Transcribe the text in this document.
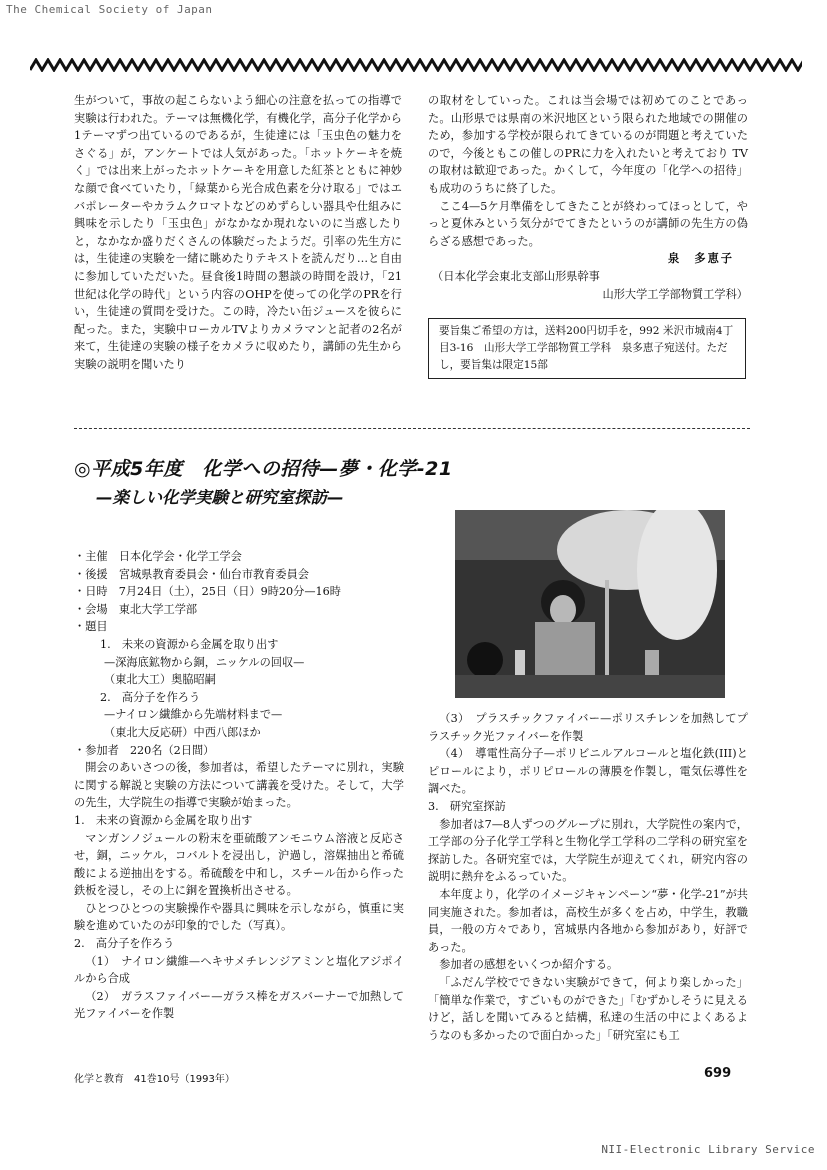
The Chemical Society of Japan

生がついて，事故の起こらないよう細心の注意を払っての指導で実験は行われた。テーマは無機化学，有機化学，高分子化学から1テーマずつ出ているのであるが，生徒達には「玉虫色の魅力をさぐる」が，アンケートでは人気があった。「ホットケーキを焼く」では出来上がったホットケーキを用意した紅茶とともに神妙な顔で食べていたり，「緑葉から光合成色素を分け取る」ではエバポレーターやカラムクロマトなどのめずらしい器具や仕組みに興味を示したり「玉虫色」がなかなか現れないのに当惑したりと，なかなか盛りだくさんの体験だったようだ。引率の先生方には，生徒達の実験を一緒に眺めたりテキストを読んだり…と自由に参加していただいた。昼食後1時間の懇談の時間を設け，「21世紀は化学の時代」という内容のOHPを使っての化学のPRを行い，生徒達の質問を受けた。この時，冷たい缶ジュースを彼らに配った。また，実験中ローカルTVよりカメラマンと記者の2名が来て，生徒達の実験の様子をカメラに収めたり，講師の先生から実験の説明を聞いたり

の取材をしていった。これは当会場では初めてのことであった。山形県では県南の米沢地区という限られた地域での開催のため，参加する学校が限られてきているのが問題と考えていたので，今後ともこの催しのPRに力を入れたいと考えており TV の取材は歓迎であった。かくして，今年度の「化学への招待」も成功のうちに終了した。

ここ4—5ケ月準備をしてきたことが終わってほっとして，やっと夏休みという気分がでてきたというのが講師の先生方の偽らざる感想であった。

泉　多恵子

（日本化学会東北支部山形県幹事

山形大学工学部物質工学科）

要旨集ご希望の方は，送料200円切手を，992 米沢市城南4丁目3-16　山形大学工学部物質工学科　泉多恵子宛送付。ただし，要旨集は限定15部
◎平成5年度　化学への招待—夢・化学-21
—楽しい化学実験と研究室探訪—

・主催　日本化学会・化学工学会

・後援　宮城県教育委員会・仙台市教育委員会

・日時　7月24日（土），25日（日）9時20分—16時

・会場　東北大学工学部

・題目

1.　未来の資源から金属を取り出す

—深海底鉱物から銅，ニッケルの回収—

（東北大工）奥脇昭嗣

2.　高分子を作ろう

—ナイロン繊維から先端材料まで—

（東北大反応研）中西八郎ほか

・参加者　220名（2日間）

開会のあいさつの後，参加者は，希望したテーマに別れ，実験に関する解説と実験の方法について講義を受けた。そして，大学の先生，大学院生の指導で実験が始まった。

1.　未来の資源から金属を取り出す

マンガンノジュールの粉末を亜硫酸アンモニウム溶液と反応させ，銅，ニッケル，コバルトを浸出し，沪過し，溶媒抽出と希硫酸による逆抽出をする。希硫酸を中和し，スチール缶から作った鉄板を浸し，その上に銅を置換析出させる。

ひとつひとつの実験操作や器具に興味を示しながら，慎重に実験を進めていたのが印象的でした（写真）。

2.　高分子を作ろう

（1）　ナイロン繊維—ヘキサメチレンジアミンと塩化アジポイルから合成

（2）　ガラスファイバー—ガラス棒をガスバーナーで加熱して光ファイバーを作製

（3）　プラスチックファイバー—ポリスチレンを加熱してプラスチック光ファイバーを作製

（4）　導電性高分子—ポリビニルアルコールと塩化鉄(III)とピロールにより，ポリピロールの薄膜を作製し，電気伝導性を調べた。

3.　研究室探訪

参加者は7—8人ずつのグループに別れ，大学院性の案内で，工学部の分子化学工学科と生物化学工学科の二学科の研究室を探訪した。各研究室では，大学院生が迎えてくれ，研究内容の説明に熱弁をふるっていた。

本年度より，化学のイメージキャンペーン“夢・化学-21”が共同実施された。参加者は，高校生が多くを占め，中学生，教職員，一般の方々であり，宮城県内各地から参加があり，好評であった。

参加者の感想をいくつか紹介する。

「ふだん学校でできない実験ができて，何より楽しかった」「簡単な作業で，すごいものができた」「むずかしそうに見えるけど，話しを聞いてみると結構，私達の生活の中によくあるようなのも多かったので面白かった」「研究室にも工

化学と教育　41巻10号（1993年）	699
NII-Electronic Library Service
